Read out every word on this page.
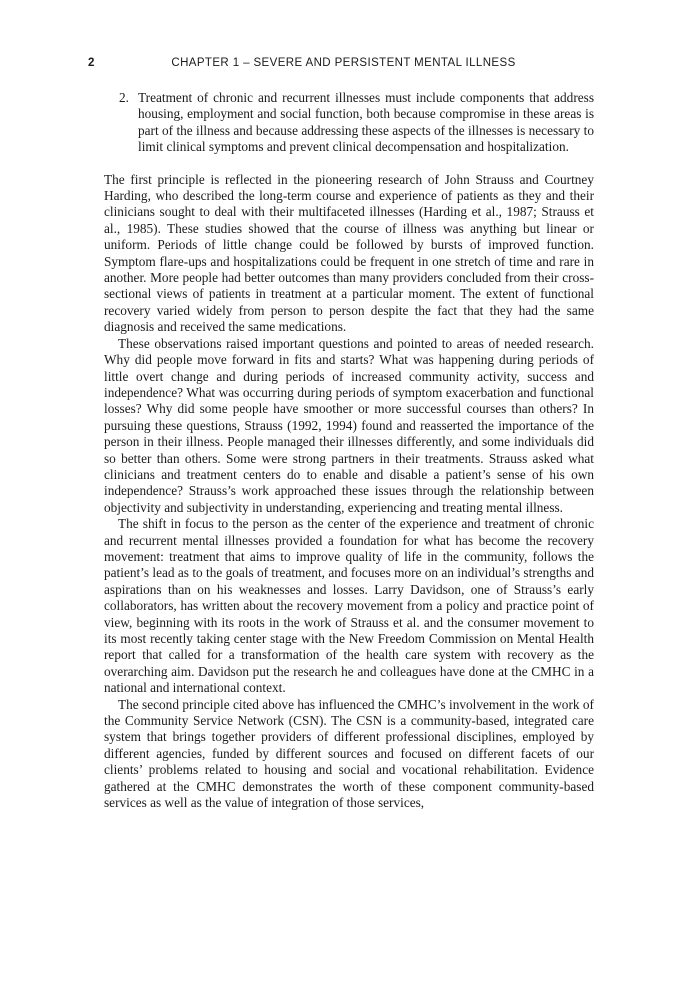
2	CHAPTER 1 – SEVERE AND PERSISTENT MENTAL ILLNESS
2. Treatment of chronic and recurrent illnesses must include components that address housing, employment and social function, both because compromise in these areas is part of the illness and because addressing these aspects of the illnesses is necessary to limit clinical symptoms and prevent clinical decompensation and hospitalization.

The first principle is reflected in the pioneering research of John Strauss and Courtney Harding, who described the long-term course and experience of patients as they and their clinicians sought to deal with their multifaceted illnesses (Harding et al., 1987; Strauss et al., 1985). These studies showed that the course of illness was anything but linear or uniform. Periods of little change could be followed by bursts of improved function. Symptom flare-ups and hospitalizations could be frequent in one stretch of time and rare in another. More people had better outcomes than many providers concluded from their cross-sectional views of patients in treatment at a particular moment. The extent of functional recovery varied widely from person to person despite the fact that they had the same diagnosis and received the same medications.

These observations raised important questions and pointed to areas of needed research. Why did people move forward in fits and starts? What was happening during periods of little overt change and during periods of increased community activity, success and independence? What was occurring during periods of symptom exacerbation and functional losses? Why did some people have smoother or more successful courses than others? In pursuing these questions, Strauss (1992, 1994) found and reasserted the importance of the person in their illness. People managed their illnesses differently, and some individuals did so better than others. Some were strong partners in their treatments. Strauss asked what clinicians and treatment centers do to enable and disable a patient’s sense of his own independence? Strauss’s work approached these issues through the relationship between objectivity and subjectivity in understanding, experiencing and treating mental illness.

The shift in focus to the person as the center of the experience and treatment of chronic and recurrent mental illnesses provided a foundation for what has become the recovery movement: treatment that aims to improve quality of life in the community, follows the patient’s lead as to the goals of treatment, and focuses more on an individual’s strengths and aspirations than on his weaknesses and losses. Larry Davidson, one of Strauss’s early collaborators, has written about the recovery movement from a policy and practice point of view, beginning with its roots in the work of Strauss et al. and the consumer movement to its most recently taking center stage with the New Freedom Commission on Mental Health report that called for a transformation of the health care system with recovery as the overarching aim. Davidson put the research he and colleagues have done at the CMHC in a national and international context.

The second principle cited above has influenced the CMHC’s involvement in the work of the Community Service Network (CSN). The CSN is a community-based, integrated care system that brings together providers of different professional disciplines, employed by different agencies, funded by different sources and focused on different facets of our clients’ problems related to housing and social and vocational rehabilitation. Evidence gathered at the CMHC demonstrates the worth of these component community-based services as well as the value of integration of those services,
